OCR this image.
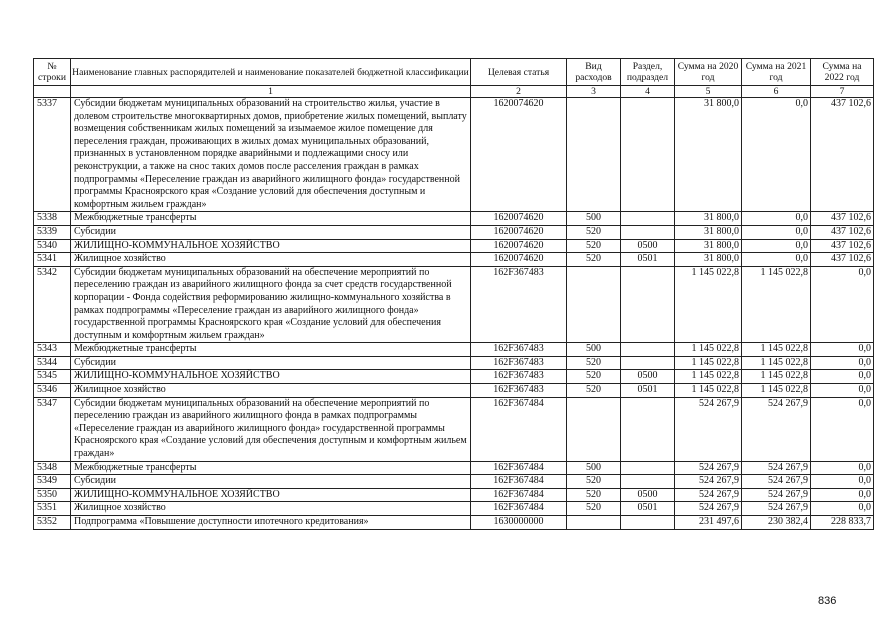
№ строки	Наименование главных распорядителей и наименование показателей бюджетной классификации	Целевая статья	Вид расходов	Раздел, подраздел	Сумма на 2020 год	Сумма на 2021 год	Сумма на 2022 год
	1	2	3	4	5	6	7
5337	Субсидии бюджетам муниципальных образований на строительство жилья, участие в долевом строительстве многоквартирных домов, приобретение жилых помещений, выплату возмещения собственникам жилых помещений за изымаемое жилое помещение для переселения граждан, проживающих в жилых домах муниципальных образований, признанных в установленном порядке аварийными и подлежащими сносу или реконструкции, а также на снос таких домов после расселения граждан в рамках подпрограммы «Переселение граждан из аварийного жилищного фонда» государственной программы Красноярского края «Создание условий для обеспечения доступным и комфортным жильем граждан»	1620074620			31 800,0	0,0	437 102,6
5338	Межбюджетные трансферты	1620074620	500		31 800,0	0,0	437 102,6
5339	Субсидии	1620074620	520		31 800,0	0,0	437 102,6
5340	ЖИЛИЩНО-КОММУНАЛЬНОЕ ХОЗЯЙСТВО	1620074620	520	0500	31 800,0	0,0	437 102,6
5341	Жилищное хозяйство	1620074620	520	0501	31 800,0	0,0	437 102,6
5342	Субсидии бюджетам муниципальных образований на обеспечение мероприятий по переселению граждан из аварийного жилищного фонда за счет средств государственной корпорации - Фонда содействия реформированию жилищно-коммунального хозяйства в рамках подпрограммы «Переселение граждан из аварийного жилищного фонда» государственной программы Красноярского края «Создание условий для обеспечения доступным и комфортным жильем граждан»	162F367483			1 145 022,8	1 145 022,8	0,0
5343	Межбюджетные трансферты	162F367483	500		1 145 022,8	1 145 022,8	0,0
5344	Субсидии	162F367483	520		1 145 022,8	1 145 022,8	0,0
5345	ЖИЛИЩНО-КОММУНАЛЬНОЕ ХОЗЯЙСТВО	162F367483	520	0500	1 145 022,8	1 145 022,8	0,0
5346	Жилищное хозяйство	162F367483	520	0501	1 145 022,8	1 145 022,8	0,0
5347	Субсидии бюджетам муниципальных образований на обеспечение мероприятий по переселению граждан из аварийного жилищного фонда в рамках подпрограммы «Переселение граждан из аварийного жилищного фонда» государственной программы Красноярского края «Создание условий для обеспечения доступным и комфортным жильем граждан»	162F367484			524 267,9	524 267,9	0,0
5348	Межбюджетные трансферты	162F367484	500		524 267,9	524 267,9	0,0
5349	Субсидии	162F367484	520		524 267,9	524 267,9	0,0
5350	ЖИЛИЩНО-КОММУНАЛЬНОЕ ХОЗЯЙСТВО	162F367484	520	0500	524 267,9	524 267,9	0,0
5351	Жилищное хозяйство	162F367484	520	0501	524 267,9	524 267,9	0,0
5352	Подпрограмма «Повышение доступности ипотечного кредитования»	1630000000			231 497,6	230 382,4	228 833,7
836
